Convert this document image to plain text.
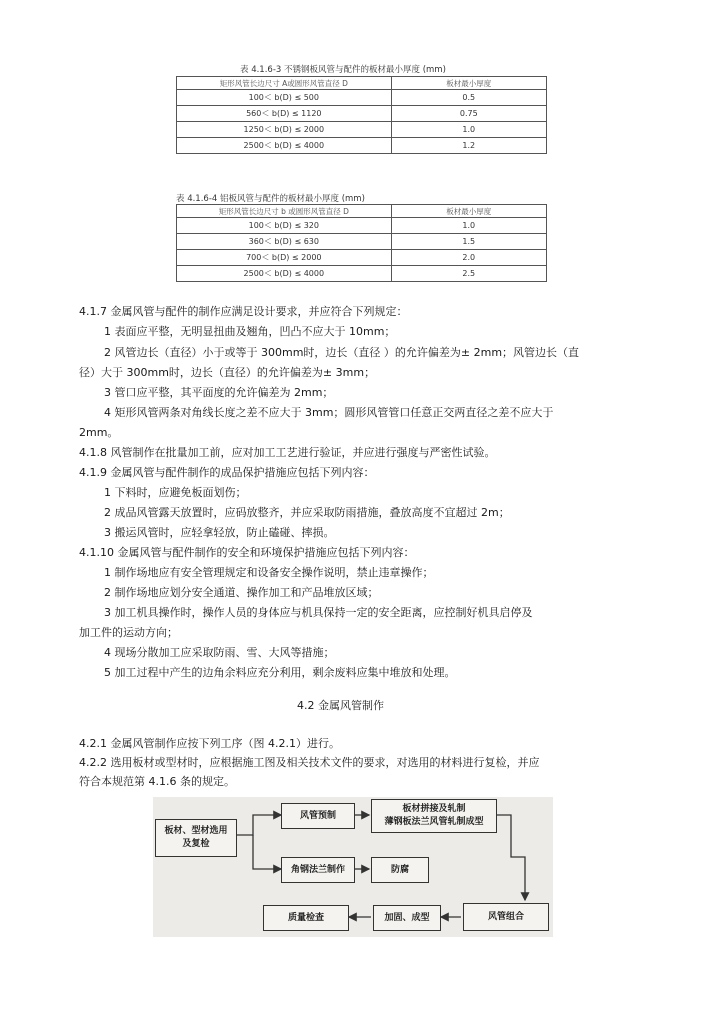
表 4.1.6-3 不锈钢板风管与配件的板材最小厚度 (mm)
矩形风管长边尺寸 A或圆形风管直径 D	板材最小厚度
100＜ b(D) ≤ 500	0.5
560＜ b(D) ≤ 1120	0.75
1250＜ b(D) ≤ 2000	1.0
2500＜ b(D) ≤ 4000	1.2
表 4.1.6-4 铝板风管与配件的板材最小厚度 (mm)
矩形风管长边尺寸 b 或圆形风管直径 D	板材最小厚度
100＜ b(D) ≤ 320	1.0
360＜ b(D) ≤ 630	1.5
700＜ b(D) ≤ 2000	2.0
2500＜ b(D) ≤ 4000	2.5
4.1.7 金属风管与配件的制作应满足设计要求，并应符合下列规定：
1 表面应平整，无明显扭曲及翘角，凹凸不应大于 10mm；
2 风管边长（直径）小于或等于 300mm时，边长（直径 ）的允许偏差为± 2mm；风管边长（直
径）大于 300mm时，边长（直径）的允许偏差为± 3mm；
3 管口应平整，其平面度的允许偏差为 2mm；
4 矩形风管两条对角线长度之差不应大于 3mm；圆形风管管口任意正交两直径之差不应大于
2mm。
4.1.8 风管制作在批量加工前，应对加工工艺进行验证，并应进行强度与严密性试验。
4.1.9 金属风管与配件制作的成品保护措施应包括下列内容：
1 下料时，应避免板面划伤；
2 成品风管露天放置时，应码放整齐，并应采取防雨措施，叠放高度不宜超过 2m；
3 搬运风管时，应轻拿轻放，防止磕碰、摔损。
4.1.10 金属风管与配件制作的安全和环境保护措施应包括下列内容：
1 制作场地应有安全管理规定和设备安全操作说明，禁止违章操作；
2 制作场地应划分安全通道、操作加工和产品堆放区域；
3 加工机具操作时，操作人员的身体应与机具保持一定的安全距离，应控制好机具启停及
加工件的运动方向；
4 现场分散加工应采取防雨、雪、大风等措施；
5 加工过程中产生的边角余料应充分利用，剩余废料应集中堆放和处理。
4.2 金属风管制作
4.2.1 金属风管制作应按下列工序（图 4.2.1）进行。
4.2.2 选用板材或型材时，应根据施工图及相关技术文件的要求，对选用的材料进行复检，并应
符合本规范第 4.1.6 条的规定。
板材、型材选用
及复检
风管预制
板材拼接及轧制
薄钢板法兰风管轧制成型
角钢法兰制作	防腐
风管组合
加固、成型
质量检查
